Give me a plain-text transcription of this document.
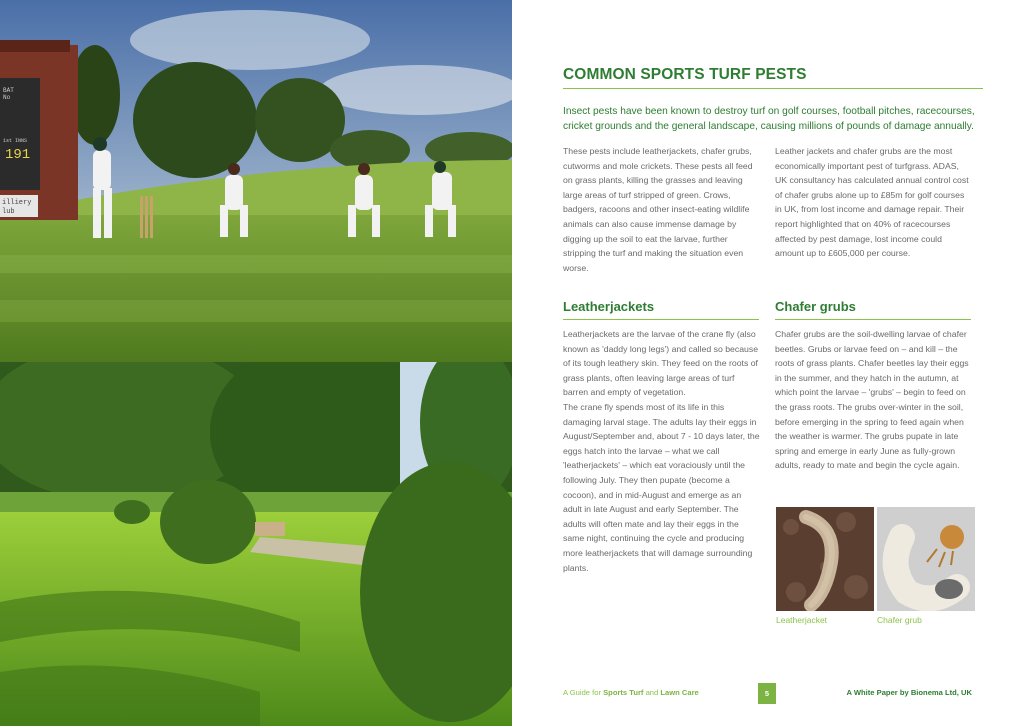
BAT
No
1st INNS
191
illiery
lub
COMMON SPORTS TURF PESTS
Insect pests have been known to destroy turf on golf courses, football pitches, racecourses, cricket grounds and the general landscape, causing millions of pounds of damage annually.

These pests include leatherjackets, chafer grubs, cutworms and mole crickets. These pests all feed on grass plants, killing the grasses and leaving large areas of turf stripped of green. Crows, badgers, racoons and other insect-eating wildlife animals can also cause immense damage by digging up the soil to eat the larvae, further stripping the turf and making the situation even worse.

Leather jackets and chafer grubs are the most economically important pest of turfgrass. ADAS, UK consultancy has calculated annual control cost of chafer grubs alone up to £85m for golf courses in UK, from lost income and damage repair. Their report highlighted that on 40% of racecourses affected by pest damage, lost income could amount up to £605,000 per course.

Leatherjackets	Chafer grubs

Leatherjackets are the larvae of the crane fly (also known as 'daddy long legs') and called so because of its tough leathery skin. They feed on the roots of grass plants, often leaving large areas of turf barren and empty of vegetation.

The crane fly spends most of its life in this damaging larval stage. The adults lay their eggs in August/September and, about 7 - 10 days later, the eggs hatch into the larvae – what we call 'leatherjackets' – which eat voraciously until the following July. They then pupate (become a cocoon), and in mid-August and emerge as an adult in late August and early September. The adults will often mate and lay their eggs in the same night, continuing the cycle and producing more leatherjackets that will damage surrounding plants.

Chafer grubs are the soil-dwelling larvae of chafer beetles. Grubs or larvae feed on – and kill – the roots of grass plants. Chafer beetles lay their eggs in the summer, and they hatch in the autumn, at which point the larvae – 'grubs' – begin to feed on the grass roots. The grubs over-winter in the soil, before emerging in the spring to feed again when the weather is warmer. The grubs pupate in late spring and emerge in early June as fully-grown adults, ready to mate and begin the cycle again.

Leatherjacket	Chafer grub
A Guide for Sports Turf and Lawn Care	5	A White Paper by Bionema Ltd, UK
